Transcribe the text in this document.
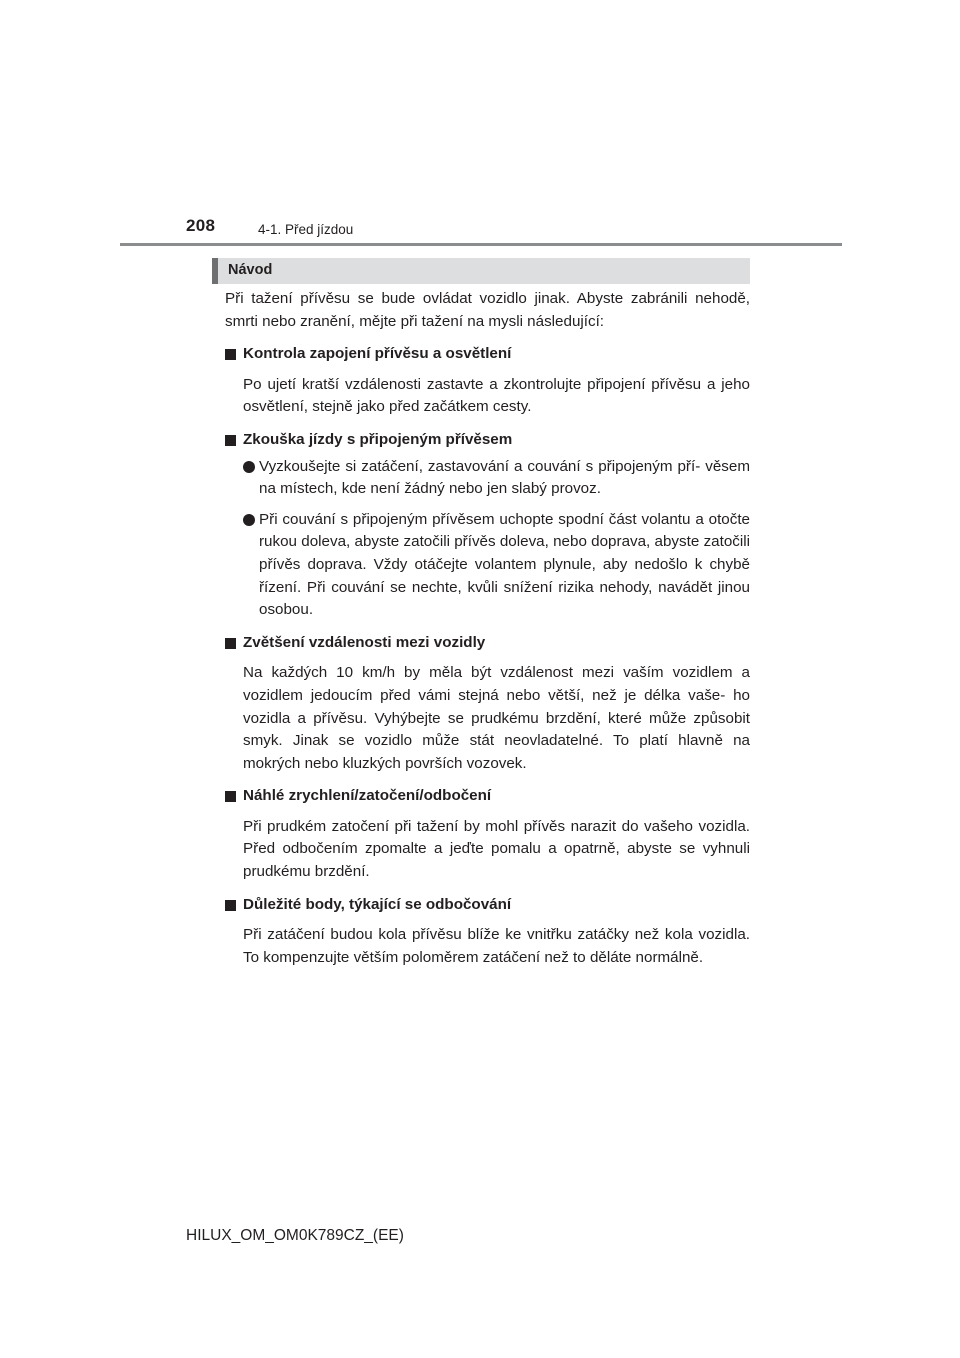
208	4-1. Před jízdou
Návod

Při tažení přívěsu se bude ovládat vozidlo jinak. Abyste zabránili nehodě, smrti nebo zranění, mějte při tažení na mysli následující:

Kontrola zapojení přívěsu a osvětlení

Po ujetí kratší vzdálenosti zastavte a zkontrolujte připojení přívěsu a jeho osvětlení, stejně jako před začátkem cesty.

Zkouška jízdy s připojeným přívěsem
Vyzkoušejte si zatáčení, zastavování a couvání s připojeným pří- věsem na místech, kde není žádný nebo jen slabý provoz.
Při couvání s připojeným přívěsem uchopte spodní část volantu a otočte rukou doleva, abyste zatočili přívěs doleva, nebo doprava, abyste zatočili přívěs doprava. Vždy otáčejte volantem plynule, aby nedošlo k chybě řízení. Při couvání se nechte, kvůli snížení rizika nehody, navádět jinou osobou.
Zvětšení vzdálenosti mezi vozidly

Na každých 10 km/h by měla být vzdálenost mezi vaším vozidlem a vozidlem jedoucím před vámi stejná nebo větší, než je délka vaše- ho vozidla a přívěsu. Vyhýbejte se prudkému brzdění, které může způsobit smyk. Jinak se vozidlo může stát neovladatelné. To platí hlavně na mokrých nebo kluzkých površích vozovek.

Náhlé zrychlení/zatočení/odbočení

Při prudkém zatočení při tažení by mohl přívěs narazit do vašeho vozidla. Před odbočením zpomalte a jeďte pomalu a opatrně, abyste se vyhnuli prudkému brzdění.

Důležité body, týkající se odbočování

Při zatáčení budou kola přívěsu blíže ke vnitřku zatáčky než kola vozidla. To kompenzujte větším poloměrem zatáčení než to děláte normálně.

HILUX_OM_OM0K789CZ_(EE)
